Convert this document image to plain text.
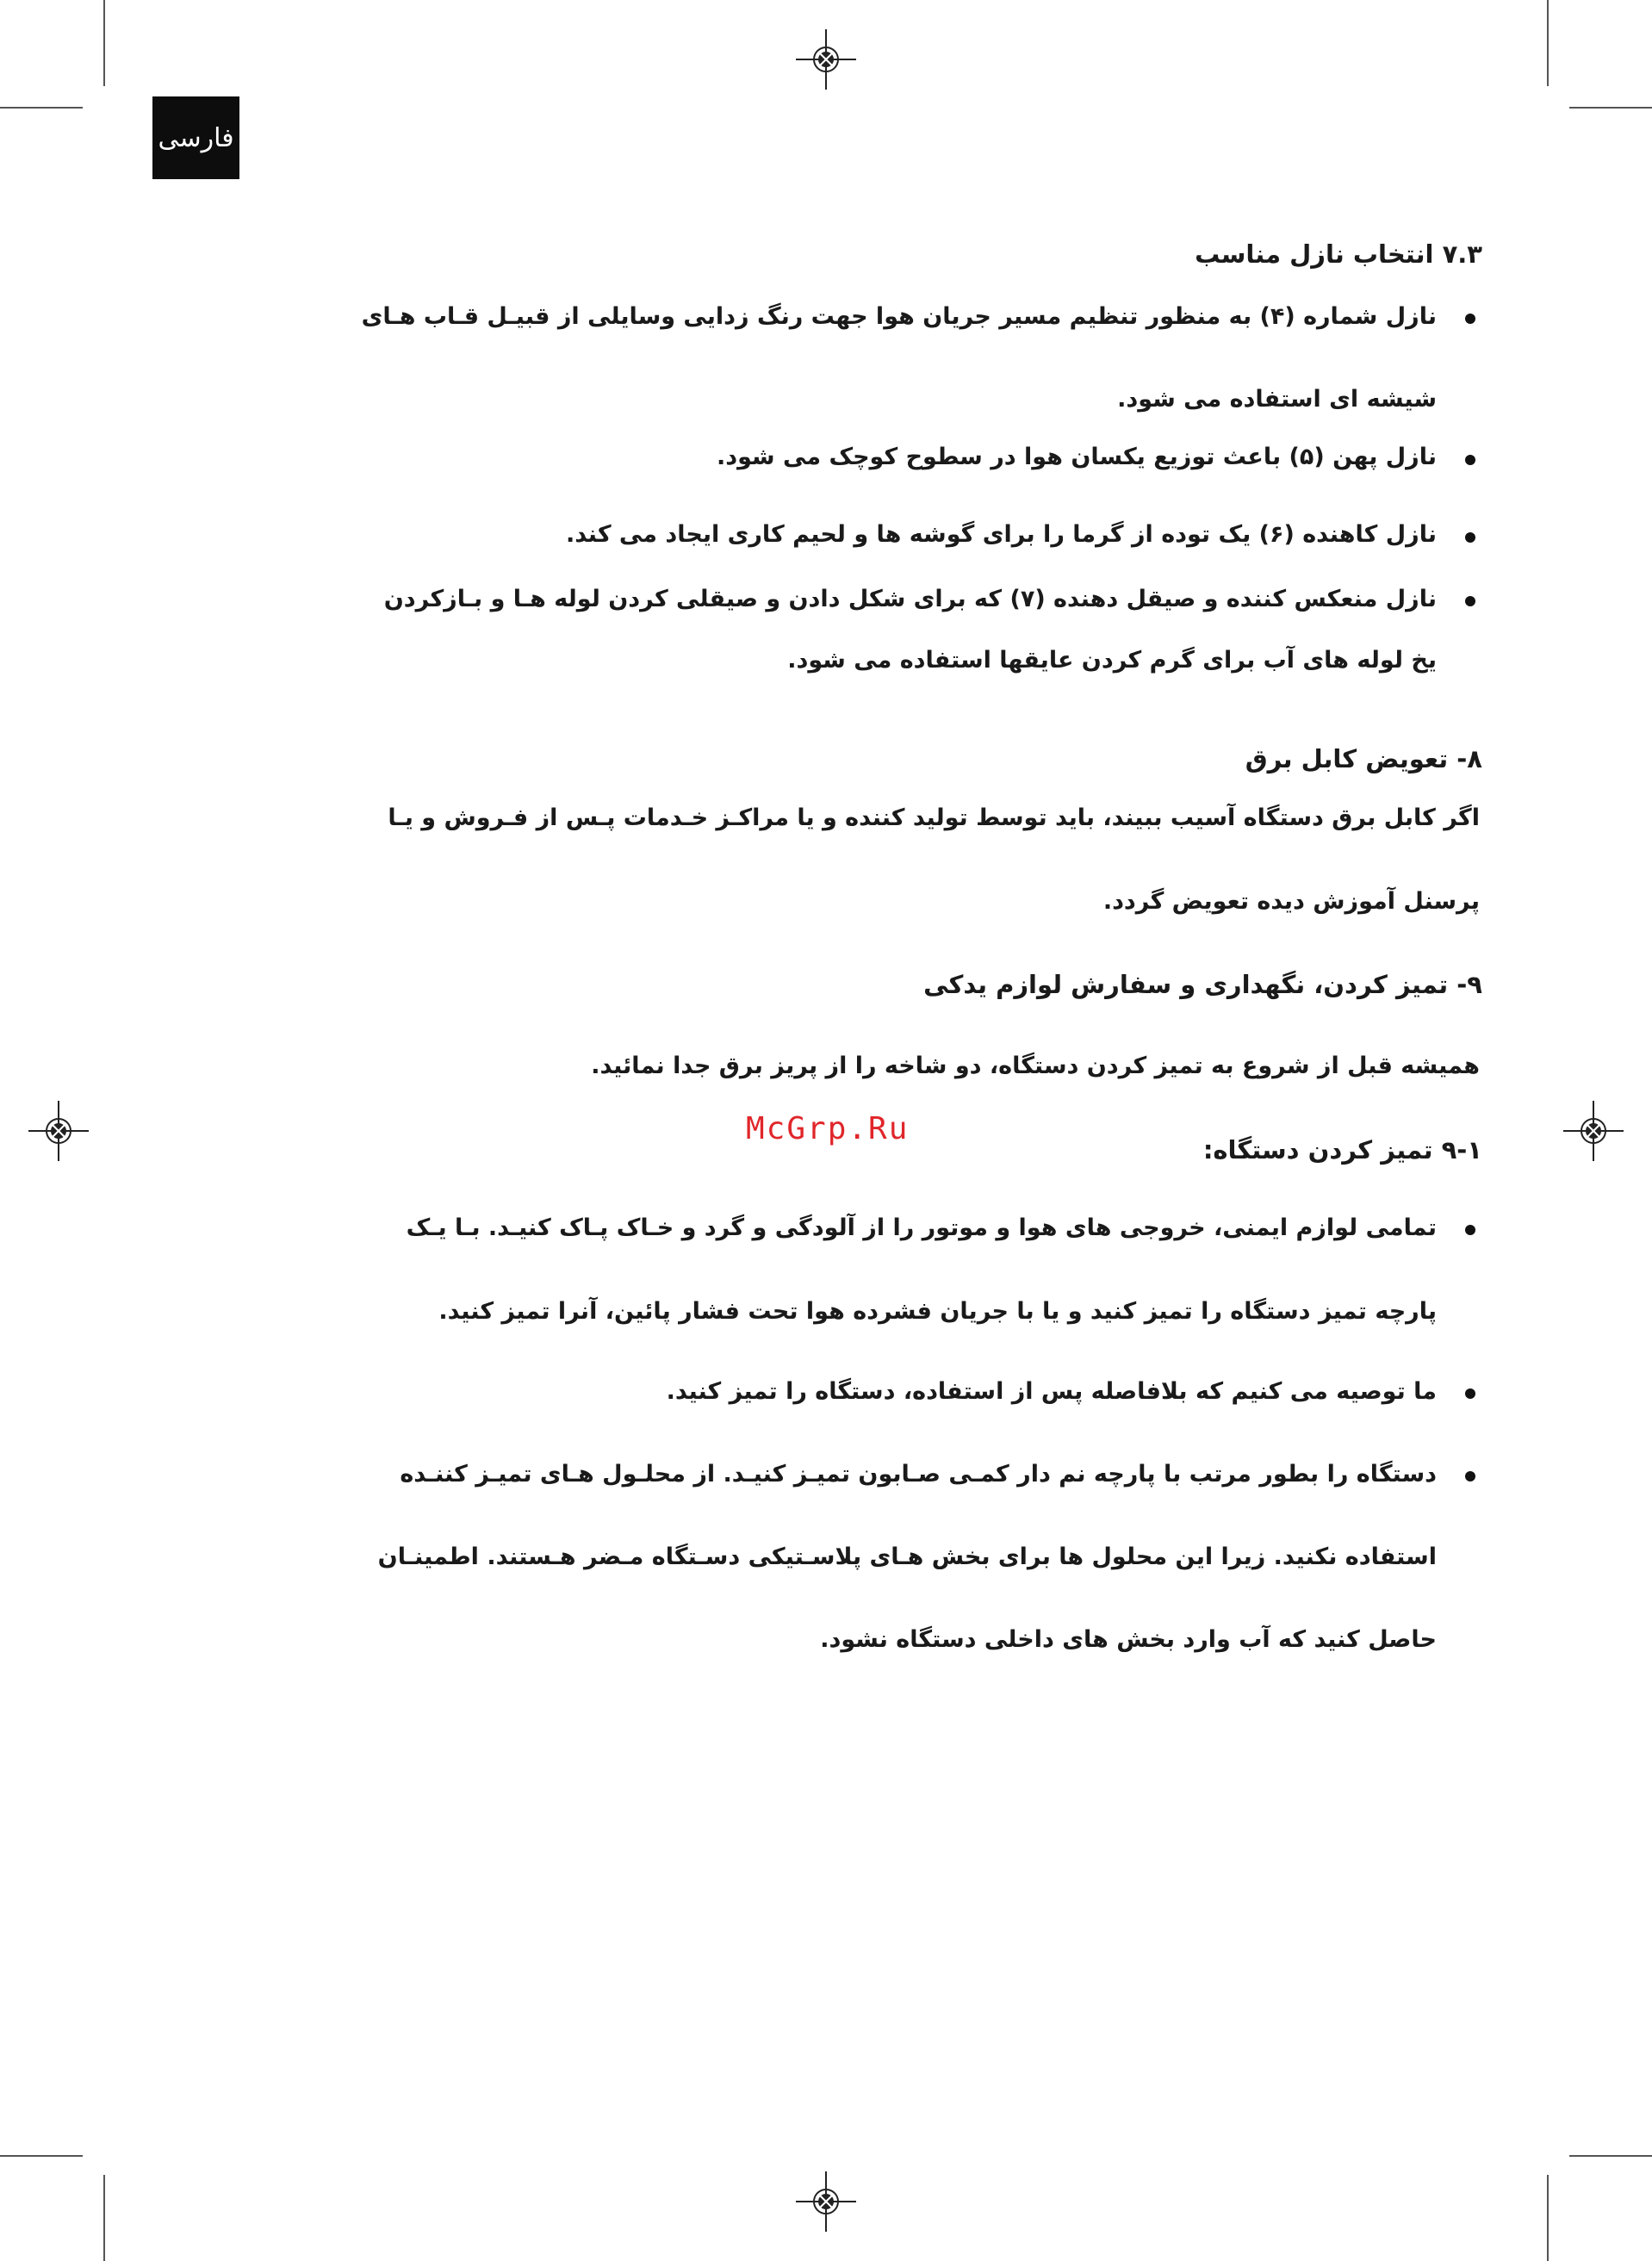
فارسی
۷.۳ انتخاب نازل مناسب
نازل شماره (۴) به منظور تنظیم مسیر جریان هوا جهت رنگ زدایی وسایلی از قبیـل قـاب هـای
شیشه ای استفاده می شود.
نازل پهن (۵) باعث توزیع یکسان هوا در سطوح کوچک می شود.
نازل کاهنده (۶) یک توده از گرما را برای گوشه ها و لحیم کاری ایجاد می کند.
نازل منعکس کننده و صیقل دهنده (۷) که برای شکل دادن و صیقلی کردن لوله هـا و بـازکردن
یخ لوله های آب برای گرم کردن عایقها استفاده می شود.
۸- تعویض کابل برق
اگر کابل برق دستگاه آسیب ببیند، باید توسط تولید کننده و یا مراکـز خـدمات پـس از فـروش و یـا
پرسنل آموزش دیده تعویض گردد.
۹- تمیز کردن، نگهداری و سفارش لوازم یدکی
همیشه قبل از شروع به تمیز کردن دستگاه، دو شاخه را از پریز برق جدا نمائید.
۹-۱ تمیز کردن دستگاه:
تمامی لوازم ایمنی، خروجی های هوا و موتور را از آلودگی و گرد و خـاک پـاک کنیـد. بـا یـک
پارچه تمیز دستگاه را تمیز کنید و یا با جریان فشرده هوا تحت فشار پائین، آنرا تمیز کنید.
ما توصیه می کنیم که بلافاصله پس از استفاده، دستگاه را تمیز کنید.
دستگاه را بطور مرتب با پارچه نم دار کمـی صـابون تمیـز کنیـد. از محلـول هـای تمیـز کننـده
استفاده نکنید. زیرا این محلول ها برای بخش هـای پلاسـتیکی دسـتگاه مـضر هـستند. اطمینـان
حاصل کنید که آب وارد بخش های داخلی دستگاه نشود.
McGrp.Ru
